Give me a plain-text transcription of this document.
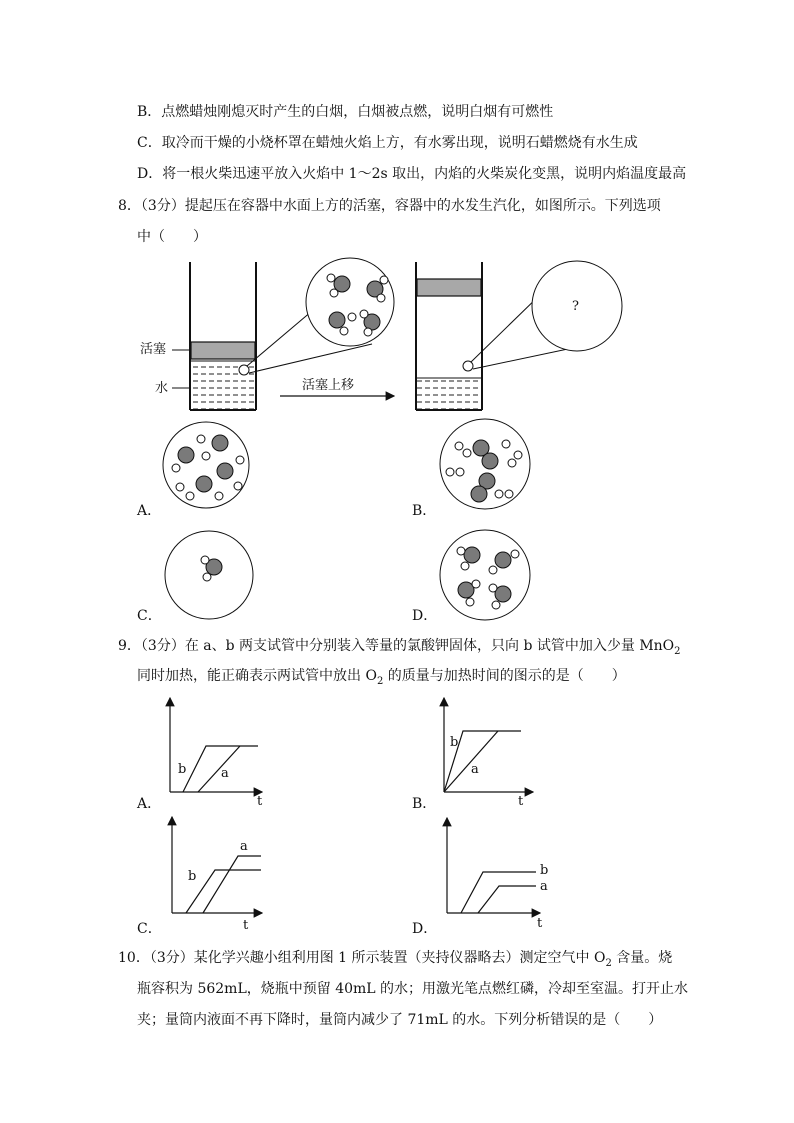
B．点燃蜡烛刚熄灭时产生的白烟，白烟被点燃，说明白烟有可燃性
C．取冷而干燥的小烧杯罩在蜡烛火焰上方，有水雾出现，说明石蜡燃烧有水生成
D．将一根火柴迅速平放入火焰中 1～2s 取出，内焰的火柴炭化变黑，说明内焰温度最高
8．（3分）提起压在容器中水面上方的活塞，容器中的水发生汽化，如图所示。下列选项
中（　　）
活塞
水	活塞上移
?
A．	B．
C．	D．
9．（3分）在 a、b 两支试管中分别装入等量的氯酸钾固体，只向 b 试管中加入少量 MnO$_2$
同时加热，能正确表示两试管中放出 $O_2$ 的质量与加热时间的图示的是（　　）
b	a
t
A．
b
a
t
B．
a
b
t
C．
b
a
t
D．
10．（3分）某化学兴趣小组利用图 1 所示装置（夹持仪器略去）测定空气中 $O_2$ 含量。烧
瓶容积为 562mL，烧瓶中预留 40mL 的水；用激光笔点燃红磷，冷却至室温。打开止水
夹；量筒内液面不再下降时，量筒内减少了 71mL 的水。下列分析错误的是（　　）
